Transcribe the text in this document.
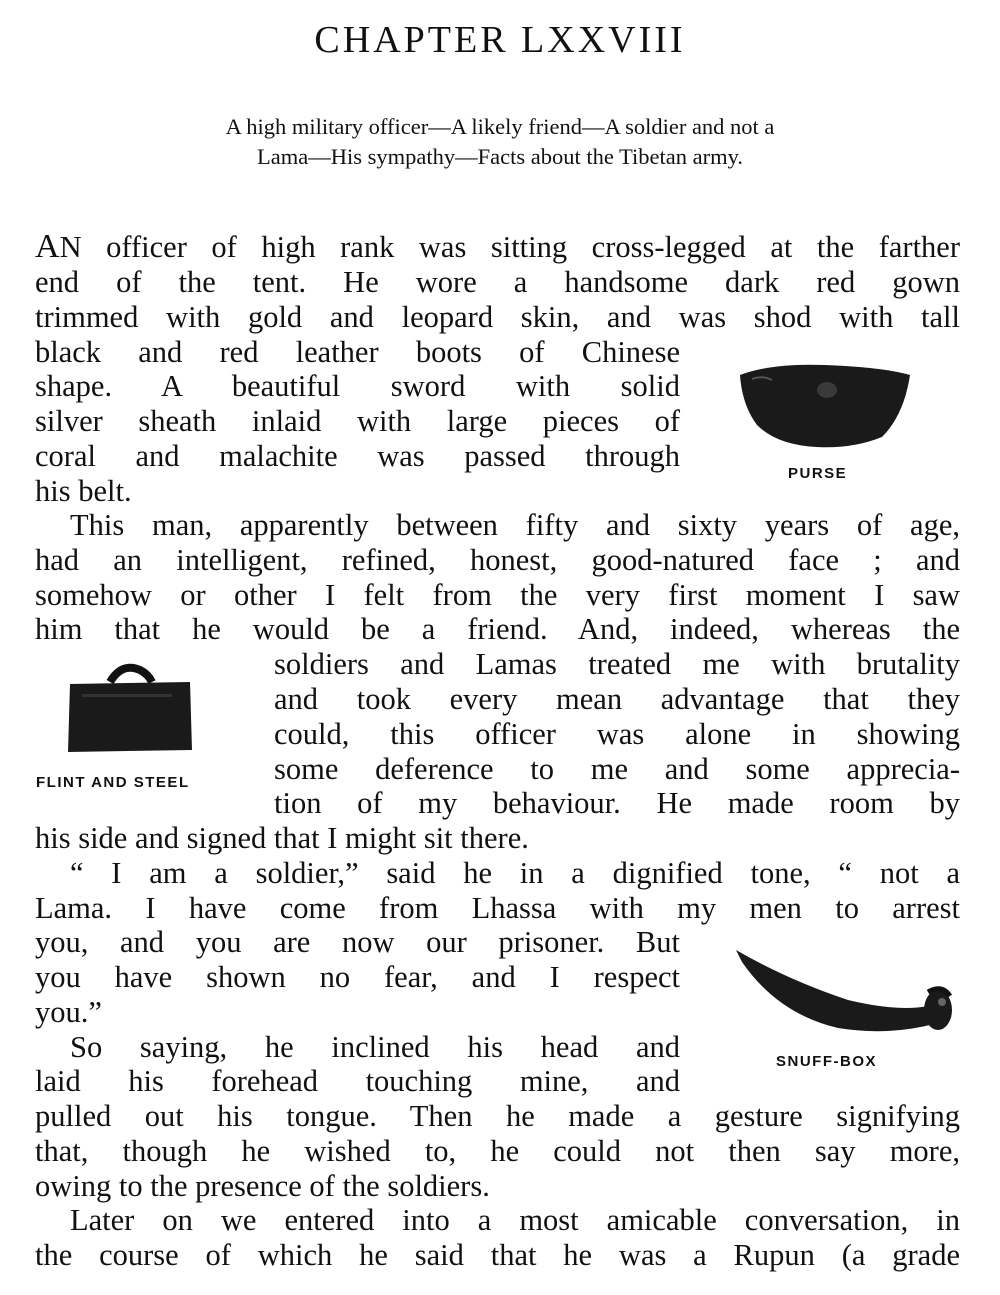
CHAPTER LXXVIII
A high military officer—A likely friend—A soldier and not a
Lama—His sympathy—Facts about the Tibetan army.
AN officer of high rank was sitting cross-legged at the farther
end of the tent. He wore a handsome dark red gown
trimmed with gold and leopard skin, and was shod with tall
black and red leather boots of Chinese
shape. A beautiful sword with solid
silver sheath inlaid with large pieces of
coral and malachite was passed through
his belt.
This man, apparently between fifty and sixty years of age,
had an intelligent, refined, honest, good-natured face ; and
somehow or other I felt from the very first moment I saw
him that he would be a friend. And, indeed, whereas the
soldiers and Lamas treated me with brutality
and took every mean advantage that they
could, this officer was alone in showing
some deference to me and some apprecia-
tion of my behaviour. He made room by
his side and signed that I might sit there.
“ I am a soldier,” said he in a dignified tone, “ not a
Lama. I have come from Lhassa with my men to arrest
you, and you are now our prisoner. But
you have shown no fear, and I respect
you.”
So saying, he inclined his head and
laid his forehead touching mine, and
pulled out his tongue. Then he made a gesture signifying
that, though he wished to, he could not then say more,
owing to the presence of the soldiers.
Later on we entered into a most amicable conversation, in
the course of which he said that he was a Rupun (a grade
PURSE
FLINT AND STEEL
SNUFF-BOX
